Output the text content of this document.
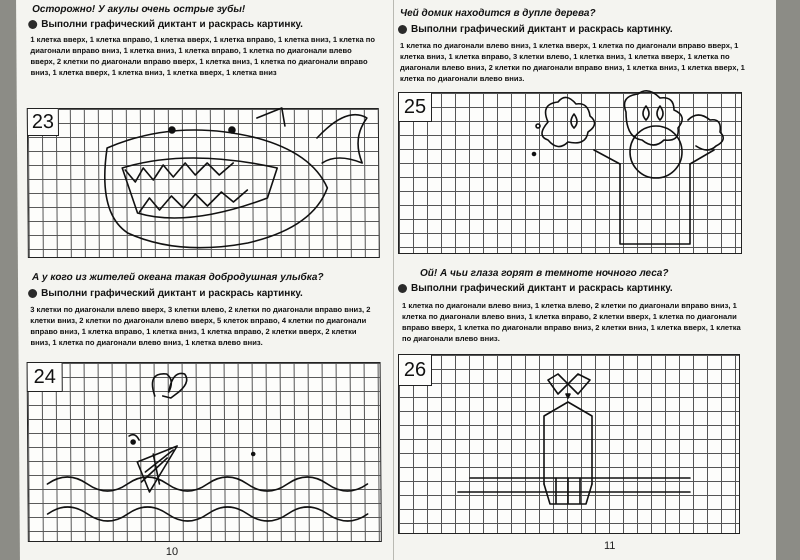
Осторожно! У акулы очень острые зубы!
Выполни графический диктант и раскрась картинку.
1 клетка вверх, 1 клетка вправо, 1 клетка вверх, 1 клетка вправо, 1 клетка вниз, 1 клетка по диагонали вправо вниз, 1 клетка вниз, 1 клетка вправо, 1 клетка по диагонали влево вверх, 2 клетки по диагонали вправо вверх, 1 клетка вниз, 1 клетка по диагонали вправо вниз, 1 клетка вверх, 1 клетка вниз, 1 клетка вверх, 1 клетка вниз
23
А у кого из жителей океана такая добродушная улыбка?
Выполни графический диктант и раскрась картинку.
3 клетки по диагонали влево вверх, 3 клетки влево, 2 клетки по диагонали вправо вниз, 2 клетки вниз, 2 клетки по диагонали влево вверх, 5 клеток вправо, 4 клетки по диагонали вправо вниз, 1 клетка вправо, 1 клетка вниз, 1 клетка вправо, 2 клетки вверх, 2 клетки вниз, 1 клетка по диагонали влево вниз, 1 клетка влево вниз.
24
10
Чей домик находится в дупле дерева?
Выполни графический диктант и раскрась картинку.
1 клетка по диагонали влево вниз, 1 клетка вверх, 1 клетка по диагонали вправо вверх, 1 клетка вниз, 1 клетка вправо, 3 клетки влево, 1 клетка вниз, 1 клетка вверх, 1 клетка по диагонали влево вниз, 2 клетки по диагонали вправо вниз, 1 клетка вниз, 1 клетка вверх, 1 клетка по диагонали влево вниз.
25
Ой! А чьи глаза горят в темноте ночного леса?
Выполни графический диктант и раскрась картинку.
1 клетка по диагонали влево вниз, 1 клетка влево, 2 клетки по диагонали вправо вниз, 1 клетка по диагонали влево вниз, 1 клетка вправо, 2 клетки вверх, 1 клетка по диагонали вправо вверх, 1 клетка по диагонали вправо вниз, 2 клетки вниз, 1 клетка вверх, 1 клетка по диагонали влево вниз.
26
11
